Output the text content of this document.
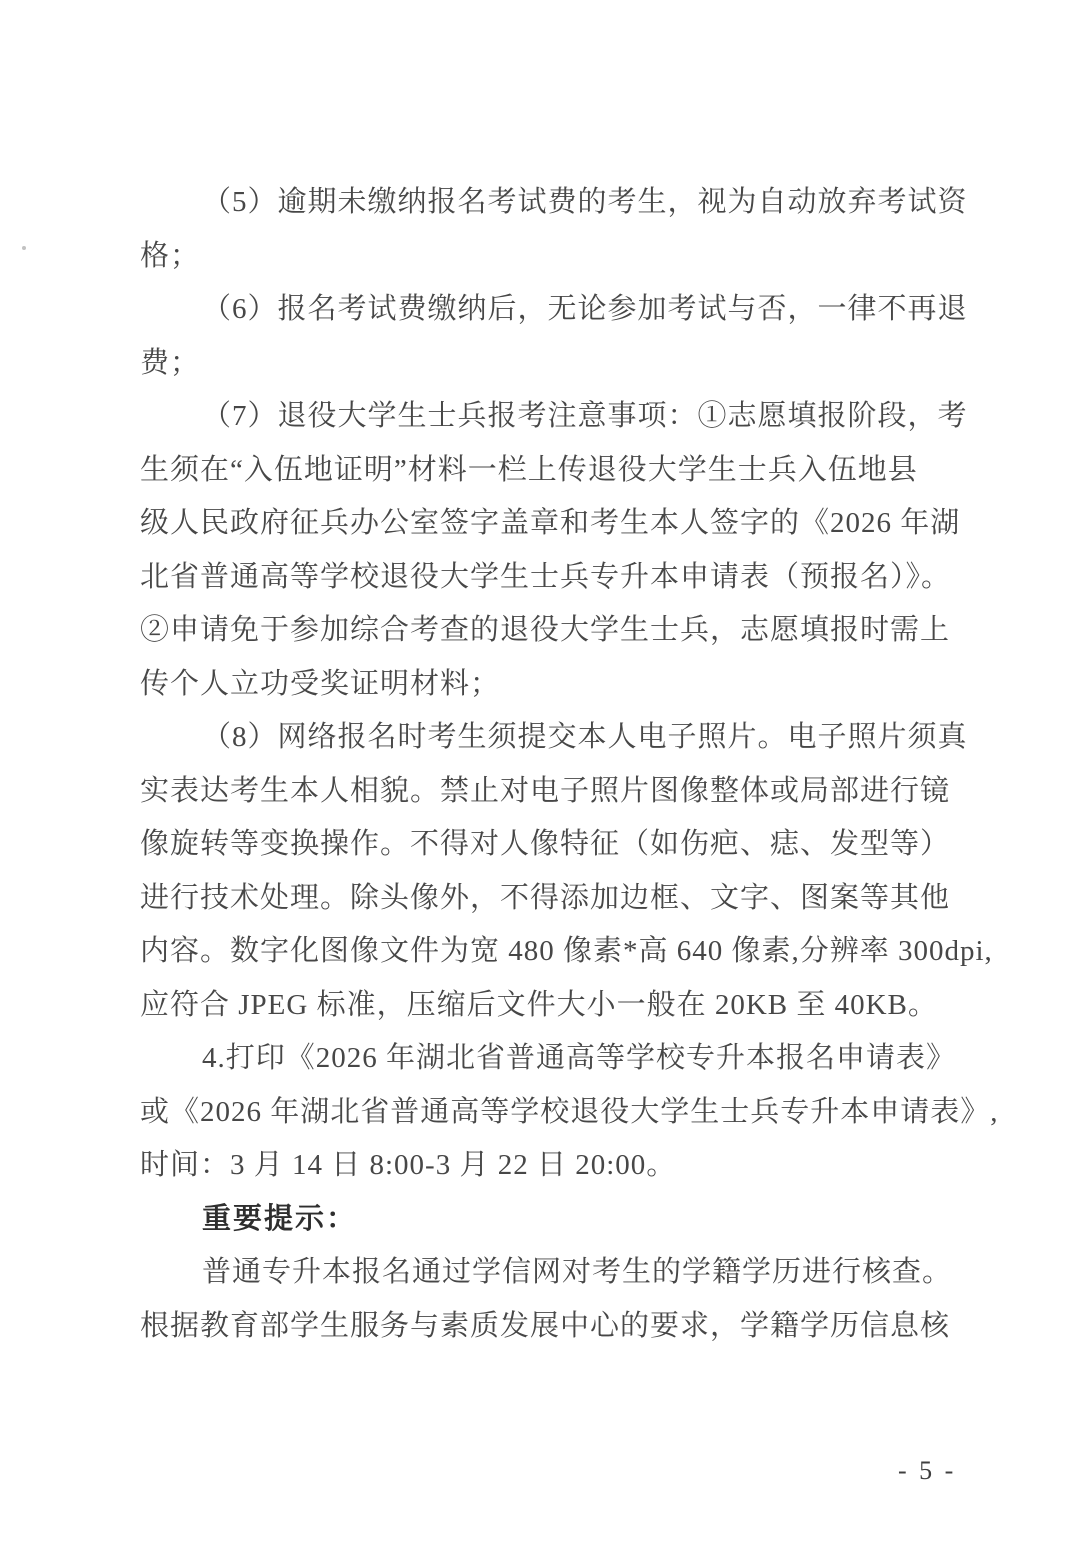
（5）逾期未缴纳报名考试费的考生，视为自动放弃考试资
格；
（6）报名考试费缴纳后，无论参加考试与否，一律不再退
费；
（7）退役大学生士兵报考注意事项：①志愿填报阶段，考
生须在“入伍地证明”材料一栏上传退役大学生士兵入伍地县
级人民政府征兵办公室签字盖章和考生本人签字的《2026 年湖
北省普通高等学校退役大学生士兵专升本申请表（预报名）》。
②申请免于参加综合考查的退役大学生士兵，志愿填报时需上
传个人立功受奖证明材料；
（8）网络报名时考生须提交本人电子照片。电子照片须真
实表达考生本人相貌。禁止对电子照片图像整体或局部进行镜
像旋转等变换操作。不得对人像特征（如伤疤、痣、发型等）
进行技术处理。除头像外，不得添加边框、文字、图案等其他
内容。数字化图像文件为宽 480 像素*高 640 像素,分辨率 300dpi,
应符合 JPEG 标准，压缩后文件大小一般在 20KB 至 40KB。
4.打印《2026 年湖北省普通高等学校专升本报名申请表》
或《2026 年湖北省普通高等学校退役大学生士兵专升本申请表》,
时间：3 月 14 日 8:00-3 月 22 日 20:00。
重要提示：
普通专升本报名通过学信网对考生的学籍学历进行核查。
根据教育部学生服务与素质发展中心的要求，学籍学历信息核
- 5 -
